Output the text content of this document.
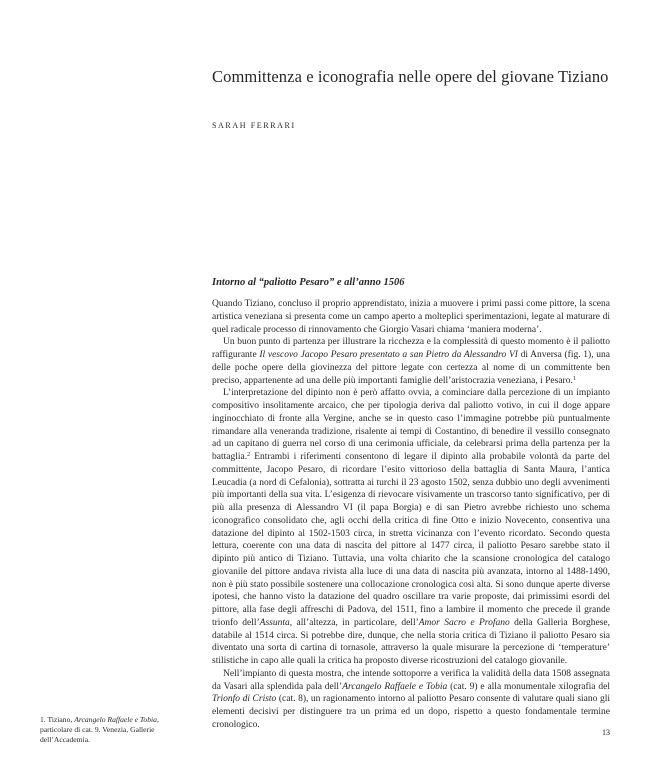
Committenza e iconografia nelle opere del giovane Tiziano
SARAH FERRARI
Intorno al “paliotto Pesaro” e all’anno 1506

Quando Tiziano, concluso il proprio apprendistato, inizia a muovere i primi passi come pittore, la scena artistica veneziana si presenta come un campo aperto a molteplici sperimentazioni, legate al maturare di quel radicale processo di rinnovamento che Giorgio Vasari chiama ‘maniera moderna’.

Un buon punto di partenza per illustrare la ricchezza e la complessità di questo momento è il paliotto raffigurante Il vescovo Jacopo Pesaro presentato a san Pietro da Alessandro VI di Anversa (fig. 1), una delle poche opere della giovinezza del pittore legate con certezza al nome di un committente ben preciso, appartenente ad una delle più importanti famiglie dell’aristocrazia veneziana, i Pesaro.$^1$

L’interpretazione del dipinto non è però affatto ovvia, a cominciare dalla percezione di un impianto compositivo insolitamente arcaico, che per tipologia deriva dal paliotto votivo, in cui il doge appare inginocchiato di fronte alla Vergine, anche se in questo caso l’immagine potrebbe più puntualmente rimandare alla veneranda tradizione, risalente ai tempi di Costantino, di benedire il vessillo consegnato ad un capitano di guerra nel corso di una cerimonia ufficiale, da celebrarsi prima della partenza per la battaglia.$^2$ Entrambi i riferimenti consentono di legare il dipinto alla probabile volontà da parte del committente, Jacopo Pesaro, di ricordare l’esito vittorioso della battaglia di Santa Maura, l’antica Leucadia (a nord di Cefalonia), sottratta ai turchi il 23 agosto 1502, senza dubbio uno degli avvenimenti più importanti della sua vita. L’esigenza di rievocare visivamente un trascorso tanto significativo, per di più alla presenza di Alessandro VI (il papa Borgia) e di san Pietro avrebbe richiesto uno schema iconografico consolidato che, agli occhi della critica di fine Otto e inizio Novecento, consentiva una datazione del dipinto al 1502-1503 circa, in stretta vicinanza con l’evento ricordato. Secondo questa lettura, coerente con una data di nascita del pittore al 1477 circa, il paliotto Pesaro sarebbe stato il dipinto più antico di Tiziano. Tuttavia, una volta chiarito che la scansione cronologica del catalogo giovanile del pittore andava rivista alla luce di una data di nascita più avanzata, intorno al 1488-1490, non è più stato possibile sostenere una collocazione cronologica così alta. Si sono dunque aperte diverse ipotesi, che hanno visto la datazione del quadro oscillare tra varie proposte, dai primissimi esordi del pittore, alla fase degli affreschi di Padova, del 1511, fino a lambire il momento che precede il grande trionfo dell’Assunta, all’altezza, in particolare, dell’Amor Sacro e Profano della Galleria Borghese, databile al 1514 circa. Si potrebbe dire, dunque, che nella storia critica di Tiziano il paliotto Pesaro sia diventato una sorta di cartina di tornasole, attraverso la quale misurare la percezione di ‘temperature’ stilistiche in capo alle quali la critica ha proposto diverse ricostruzioni del catalogo giovanile.

Nell’impianto di questa mostra, che intende sottoporre a verifica la validità della data 1508 assegnata da Vasari alla splendida pala dell’Arcangelo Raffaele e Tobia (cat. 9) e alla monumentale xilografia del Trionfo di Cristo (cat. 8), un ragionamento intorno al paliotto Pesaro consente di valutare quali siano gli elementi decisivi per distinguere tra un prima ed un dopo, rispetto a questo fondamentale termine cronologico.

1. Tiziano, Arcangelo Raffaele e Tobia, particolare di cat. 9. Venezia, Gallerie dell’Accademia.
13
